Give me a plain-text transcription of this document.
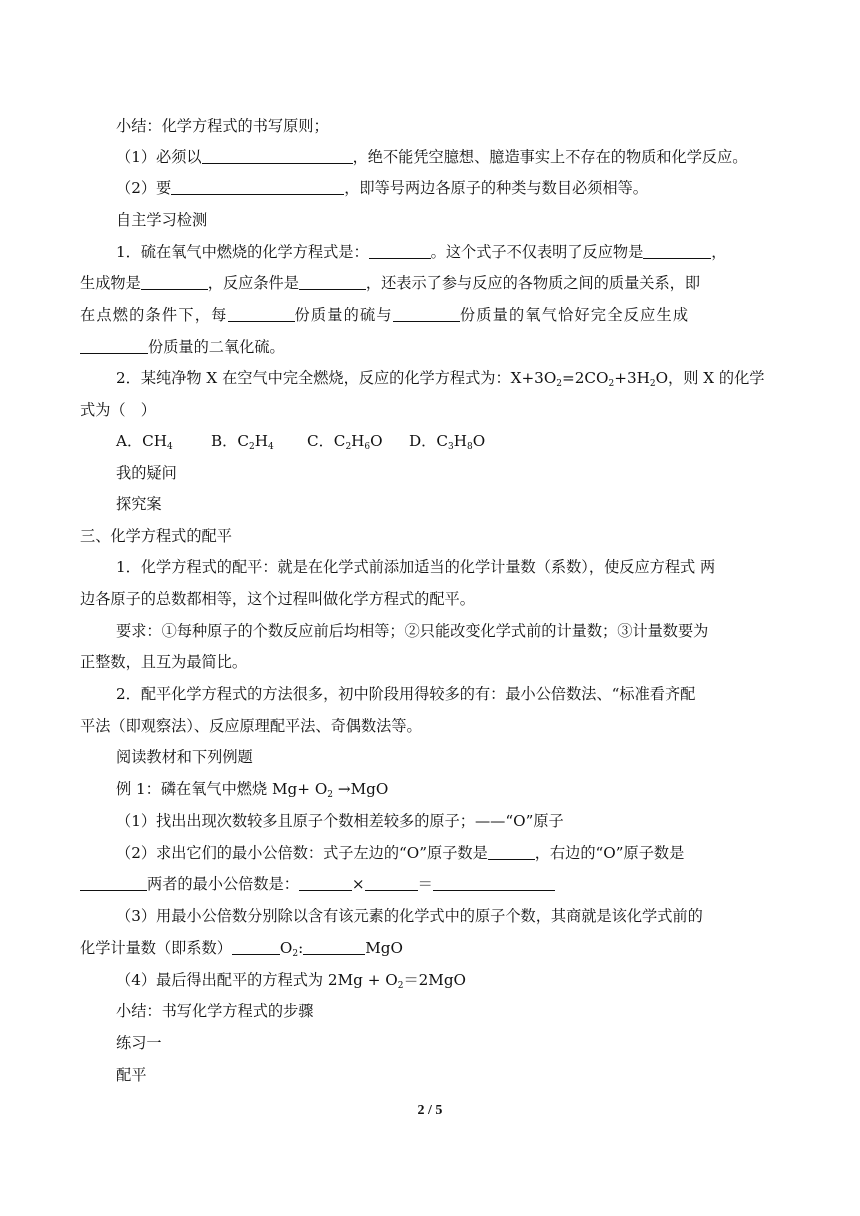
小结：化学方程式的书写原则；
（1）必须以	，绝不能凭空臆想、臆造事实上不存在的物质和化学反应。
（2）要	，即等号两边各原子的种类与数目必须相等。
自主学习检测
1．硫在氧气中燃烧的化学方程式是：	。这个式子不仅表明了反应物是	，
生成物是	，反应条件是	，还表示了参与反应的各物质之间的质量关系，即
在点燃的条件下，每	份质量的硫与	份质量的氧气恰好完全反应生成
份质量的二氧化硫。
2．某纯净物 X 在空气中完全燃烧，反应的化学方程式为：$X+3O_2=2CO_2+3H_2O$，则 X 的化学
式为（　）
A．$CH_4$	B．$C_2H_4$ C．$C_2H_6O$ D．$C_3H_8O$
我的疑问
探究案
三、化学方程式的配平
1．化学方程式的配平：就是在化学式前添加适当的化学计量数（系数），使反应方程式 两
边各原子的总数都相等，这个过程叫做化学方程式的配平。
要求：①每种原子的个数反应前后均相等；②只能改变化学式前的计量数；③计量数要为
正整数，且互为最简比。
2．配平化学方程式的方法很多，初中阶段用得较多的有：最小公倍数法、“标准看齐配
平法（即观察法）、反应原理配平法、奇偶数法等。
阅读教材和下列例题
例 1：磷在氧气中燃烧 $Mg+ O_2 \to MgO$
（1）找出出现次数较多且原子个数相差较多的原子；——“O”原子
（2）求出它们的最小公倍数：式子左边的“O”原子数是	，右边的“O”原子数是
两者的最小公倍数是：	×	＝
（3）用最小公倍数分别除以含有该元素的化学式中的原子个数，其商就是该化学式前的
化学计量数（即系数）	$O_2$:	MgO
（4）最后得出配平的方程式为 $2Mg + O_2=2MgO$
小结：书写化学方程式的步骤
练习一
配平
2 / 5
